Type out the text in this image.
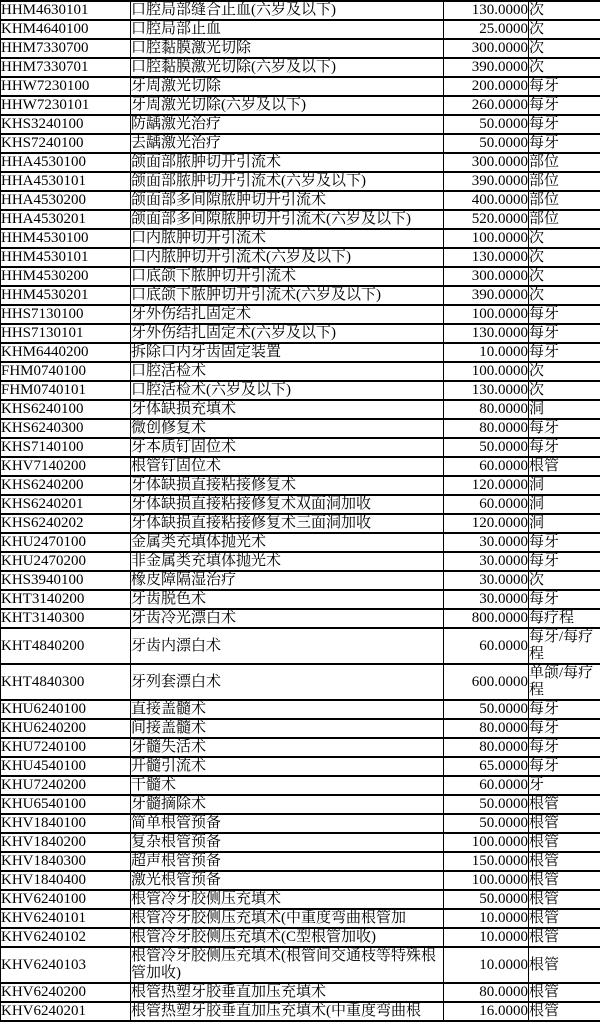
HHM4630101	口腔局部缝合止血(六岁及以下)	130.0000	次
KHM4640100	口腔局部止血	25.0000	次
HHM7330700	口腔黏膜激光切除	300.0000	次
HHM7330701	口腔黏膜激光切除(六岁及以下)	390.0000	次
HHW7230100	牙周激光切除	200.0000	每牙
HHW7230101	牙周激光切除(六岁及以下)	260.0000	每牙
KHS3240100	防龋激光治疗	50.0000	每牙
KHS7240100	去龋激光治疗	50.0000	每牙
HHA4530100	颌面部脓肿切开引流术	300.0000	部位
HHA4530101	颌面部脓肿切开引流术(六岁及以下)	390.0000	部位
HHA4530200	颌面部多间隙脓肿切开引流术	400.0000	部位
HHA4530201	颌面部多间隙脓肿切开引流术(六岁及以下)	520.0000	部位
HHM4530100	口内脓肿切开引流术	100.0000	次
HHM4530101	口内脓肿切开引流术(六岁及以下)	130.0000	次
HHM4530200	口底颌下脓肿切开引流术	300.0000	次
HHM4530201	口底颌下脓肿切开引流术(六岁及以下)	390.0000	次
HHS7130100	牙外伤结扎固定术	100.0000	每牙
HHS7130101	牙外伤结扎固定术(六岁及以下)	130.0000	每牙
KHM6440200	拆除口内牙齿固定装置	10.0000	每牙
FHM0740100	口腔活检术	100.0000	次
FHM0740101	口腔活检术(六岁及以下)	130.0000	次
KHS6240100	牙体缺损充填术	80.0000	洞
KHS6240300	微创修复术	80.0000	每牙
KHS7140100	牙本质钉固位术	50.0000	每牙
KHV7140200	根管钉固位术	60.0000	根管
KHS6240200	牙体缺损直接粘接修复术	120.0000	洞
KHS6240201	牙体缺损直接粘接修复术双面洞加收	60.0000	洞
KHS6240202	牙体缺损直接粘接修复术三面洞加收	120.0000	洞
KHU2470100	金属类充填体抛光术	30.0000	每牙
KHU2470200	非金属类充填体抛光术	30.0000	每牙
KHS3940100	橡皮障隔湿治疗	30.0000	次
KHT3140200	牙齿脱色术	30.0000	每牙
KHT3140300	牙齿冷光漂白术	800.0000	每疗程
KHT4840200	牙齿内漂白术	60.0000	每牙/每疗程
KHT4840300	牙列套漂白术	600.0000	单颌/每疗程
KHU6240100	直接盖髓术	50.0000	每牙
KHU6240200	间接盖髓术	80.0000	每牙
KHU7240100	牙髓失活术	80.0000	每牙
KHU4540100	开髓引流术	65.0000	每牙
KHU7240200	干髓术	60.0000	牙
KHU6540100	牙髓摘除术	50.0000	根管
KHV1840100	简单根管预备	50.0000	根管
KHV1840200	复杂根管预备	100.0000	根管
KHV1840300	超声根管预备	150.0000	根管
KHV1840400	激光根管预备	100.0000	根管
KHV6240100	根管冷牙胶侧压充填术	50.0000	根管
KHV6240101	根管冷牙胶侧压充填术(中重度弯曲根管加	10.0000	根管
KHV6240102	根管冷牙胶侧压充填术(C型根管加收)	10.0000	根管
KHV6240103	根管冷牙胶侧压充填术(根管间交通枝等特殊根管加收)	10.0000	根管
KHV6240200	根管热塑牙胶垂直加压充填术	80.0000	根管
KHV6240201	根管热塑牙胶垂直加压充填术(中重度弯曲根	16.0000	根管
